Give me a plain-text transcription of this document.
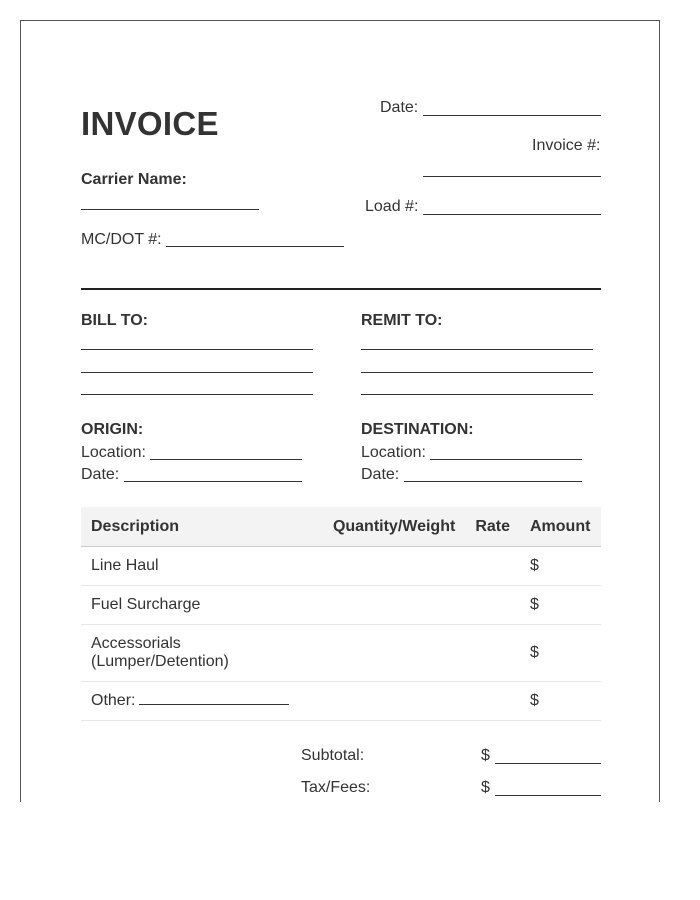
INVOICE	Date:
Invoice #:
Load #:
Carrier Name:
MC/DOT #:
BILL TO:	REMIT TO:
ORIGIN:
Location:
Date:
DESTINATION:
Location:
Date:
Description	Quantity/Weight	Rate	Amount
Line Haul			$
Fuel Surcharge			$
Accessorials (Lumper/Detention)			$
Other:			$
Subtotal:	$
Tax/Fees:	$
